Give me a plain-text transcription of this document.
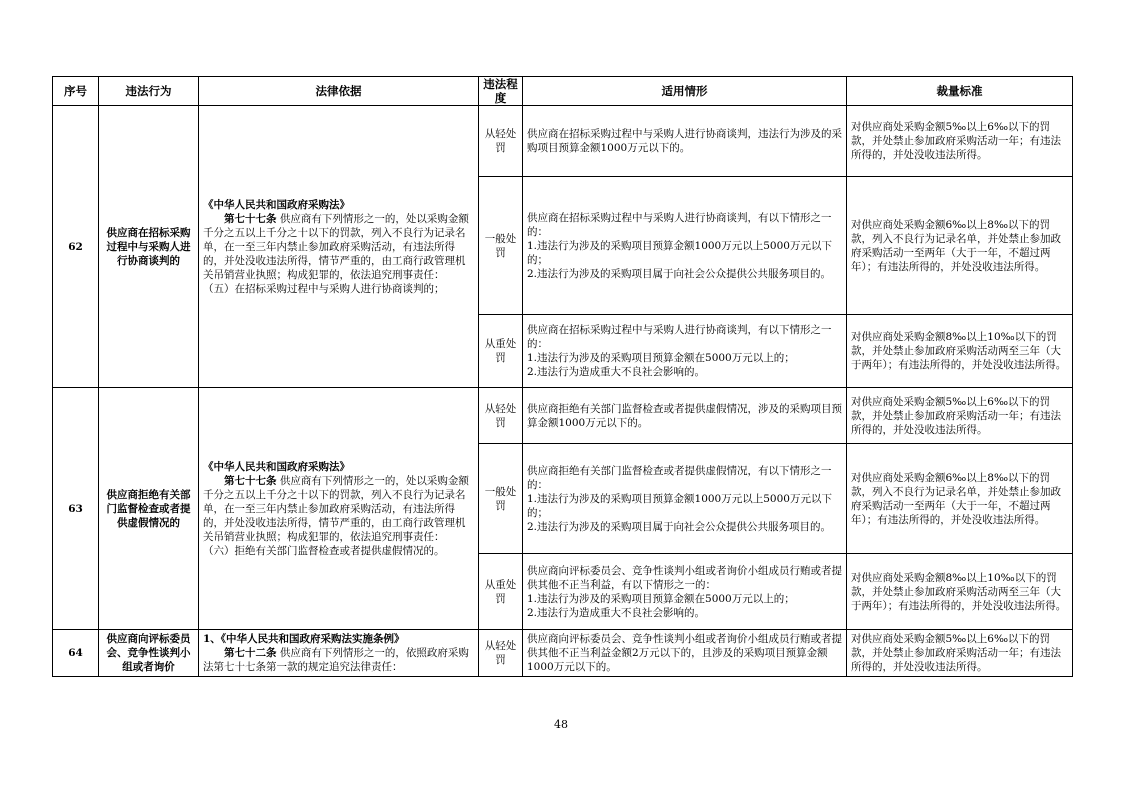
序号	违法行为	法律依据	违法程度	适用情形	裁量标准
62	供应商在招标采购过程中与采购人进行协商谈判的	《中华人民共和国政府采购法》
第七十七条 供应商有下列情形之一的，处以采购金额千分之五以上千分之十以下的罚款，列入不良行为记录名单，在一至三年内禁止参加政府采购活动，有违法所得的，并处没收违法所得，情节严重的，由工商行政管理机关吊销营业执照；构成犯罪的，依法追究刑事责任：
（五）在招标采购过程中与采购人进行协商谈判的；	从轻处罚	供应商在招标采购过程中与采购人进行协商谈判，违法行为涉及的采购项目预算金额1000万元以下的。	对供应商处采购金额5‰以上6‰以下的罚款，并处禁止参加政府采购活动一年；有违法所得的，并处没收违法所得。
			一般处罚	供应商在招标采购过程中与采购人进行协商谈判，有以下情形之一的：
1.违法行为涉及的采购项目预算金额1000万元以上5000万元以下的；
2.违法行为涉及的采购项目属于向社会公众提供公共服务项目的。	对供应商处采购金额6‰以上8‰以下的罚款，列入不良行为记录名单，并处禁止参加政府采购活动一至两年（大于一年，不超过两年）；有违法所得的，并处没收违法所得。
			从重处罚	供应商在招标采购过程中与采购人进行协商谈判，有以下情形之一的：
1.违法行为涉及的采购项目预算金额在5000万元以上的；
2.违法行为造成重大不良社会影响的。	对供应商处采购金额8‰以上10‰以下的罚款，并处禁止参加政府采购活动两至三年（大于两年）；有违法所得的，并处没收违法所得。
63	供应商拒绝有关部门监督检查或者提供虚假情况的	《中华人民共和国政府采购法》
第七十七条 供应商有下列情形之一的，处以采购金额千分之五以上千分之十以下的罚款，列入不良行为记录名单，在一至三年内禁止参加政府采购活动，有违法所得的，并处没收违法所得，情节严重的，由工商行政管理机关吊销营业执照；构成犯罪的，依法追究刑事责任：
（六）拒绝有关部门监督检查或者提供虚假情况的。	从轻处罚	供应商拒绝有关部门监督检查或者提供虚假情况，涉及的采购项目预算金额1000万元以下的。	对供应商处采购金额5‰以上6‰以下的罚款，并处禁止参加政府采购活动一年；有违法所得的，并处没收违法所得。
			一般处罚	供应商拒绝有关部门监督检查或者提供虚假情况，有以下情形之一的：
1.违法行为涉及的采购项目预算金额1000万元以上5000万元以下的；
2.违法行为涉及的采购项目属于向社会公众提供公共服务项目的。	对供应商处采购金额6‰以上8‰以下的罚款，列入不良行为记录名单，并处禁止参加政府采购活动一至两年（大于一年，不超过两年）；有违法所得的，并处没收违法所得。
			从重处罚	供应商向评标委员会、竞争性谈判小组或者询价小组成员行贿或者提供其他不正当利益，有以下情形之一的：
1.违法行为涉及的采购项目预算金额在5000万元以上的；
2.违法行为造成重大不良社会影响的。	对供应商处采购金额8‰以上10‰以下的罚款，并处禁止参加政府采购活动两至三年（大于两年）；有违法所得的，并处没收违法所得。
64	供应商向评标委员会、竞争性谈判小组或者询价	1、《中华人民共和国政府采购法实施条例》
第七十二条 供应商有下列情形之一的，依照政府采购法第七十七条第一款的规定追究法律责任：	从轻处罚	供应商向评标委员会、竞争性谈判小组或者询价小组成员行贿或者提供其他不正当利益金额2万元以下的，且涉及的采购项目预算金额1000万元以下的。	对供应商处采购金额5‰以上6‰以下的罚款，并处禁止参加政府采购活动一年；有违法所得的，并处没收违法所得。
48
